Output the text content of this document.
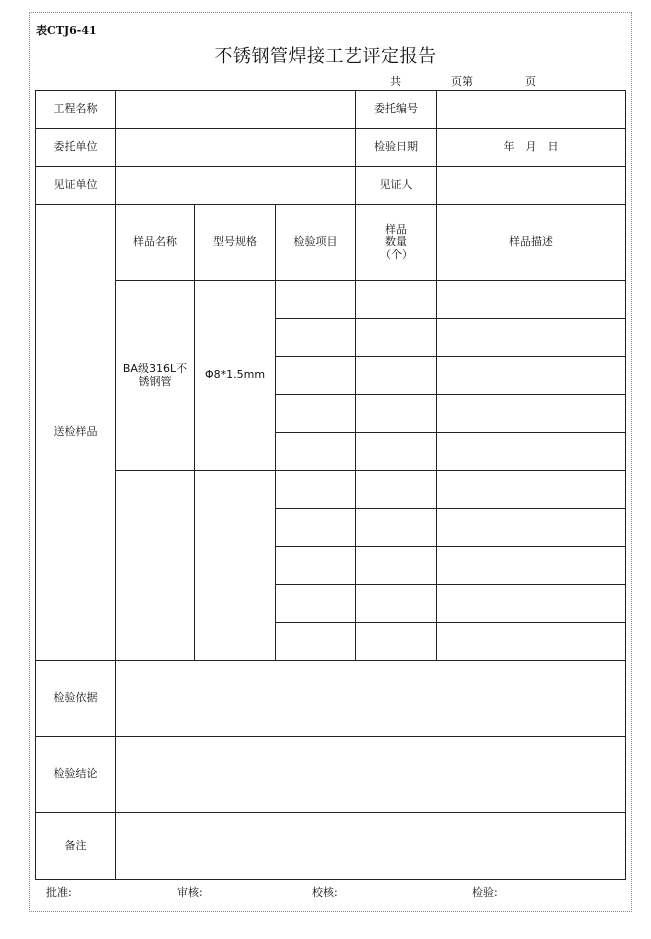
表CTJ6-41
不锈钢管焊接工艺评定报告
共	页第	页
工程名称				委托编号	
委托单位				检验日期	年　月　日
见证单位				见证人	
送检样品	样品名称	型号规格	检验项目	样品数量（个）	样品描述
	BA级316L不锈钢管	Φ8*1.5mm			

检验依据					
检验结论					
备注					
批准:	审核:	校核:	检验:
